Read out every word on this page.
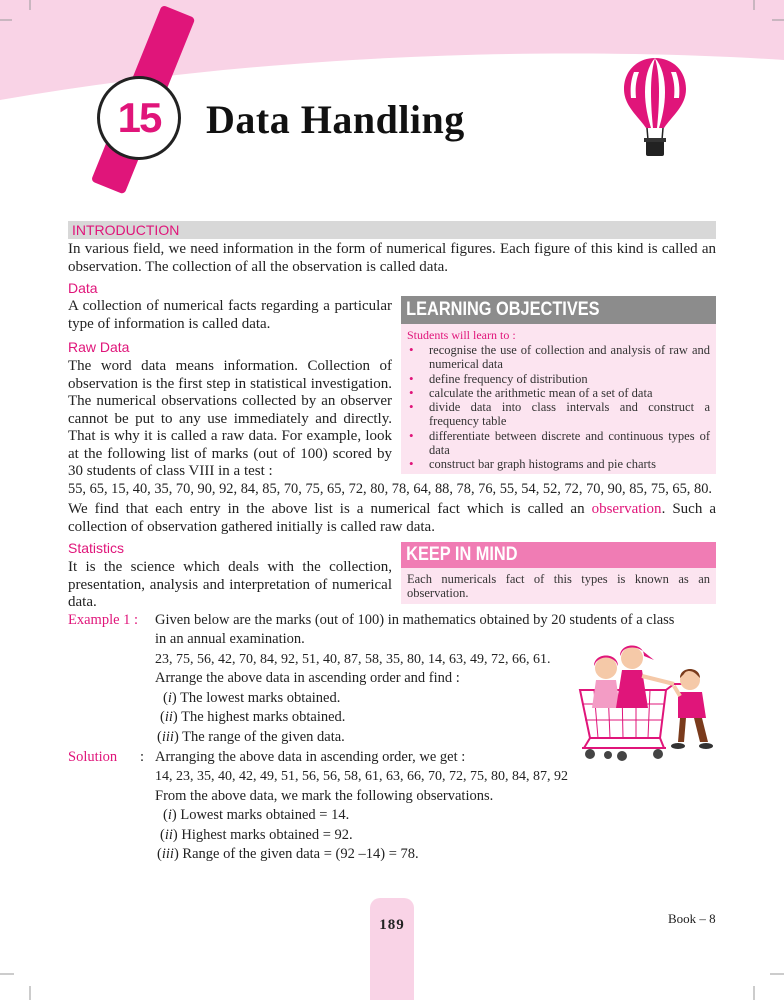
15 Data Handling
INTRODUCTION
In various field, we need information in the form of numerical figures. Each figure of this kind is called an observation. The collection of all the observation is called data.
Data
A collection of numerical facts regarding a particular type of information is called data.
Raw Data
The word data means information. Collection of observation is the first step in statistical investigation. The numerical observations collected by an observer cannot be put to any use immediately and directly. That is why it is called a raw data. For example, look at the following list of marks (out of 100) scored by 30 students of class VIII in a test :
LEARNING OBJECTIVES
Students will learn to :
• recognise the use of collection and analysis of raw and numerical data
• define frequency of distribution
• calculate the arithmetic mean of a set of data
• divide data into class intervals and construct a frequency table
• differentiate between discrete and continuous types of data
• construct bar graph histograms and pie charts
55, 65, 15, 40, 35, 70, 90, 92, 84, 85, 70, 75, 65, 72, 80, 78, 64, 88, 78, 76, 55, 54, 52, 72, 70, 90, 85, 75, 65, 80.
We find that each entry in the above list is a numerical fact which is called an observation. Such a collection of observation gathered initially is called raw data.
Statistics
It is the science which deals with the collection, presentation, analysis and interpretation of numerical data.
KEEP IN MIND
Each numericals fact of this types is known as an observation.
Example 1 : Given below are the marks (out of 100) in mathematics obtained by 20 students of a class
in an annual examination.
23, 75, 56, 42, 70, 84, 92, 51, 40, 87, 58, 35, 80, 14, 63, 49, 72, 66, 61.
Arrange the above data in ascending order and find :
(i) The lowest marks obtained.
(ii) The highest marks obtained.
(iii) The range of the given data.
Solution : Arranging the above data in ascending order, we get :
14, 23, 35, 40, 42, 49, 51, 56, 56, 58, 61, 63, 66, 70, 72, 75, 80, 84, 87, 92
From the above data, we mark the following observations.
(i) Lowest marks obtained = 14.
(ii) Highest marks obtained = 92.
(iii) Range of the given data = (92 –14) = 78.
189	Book – 8
